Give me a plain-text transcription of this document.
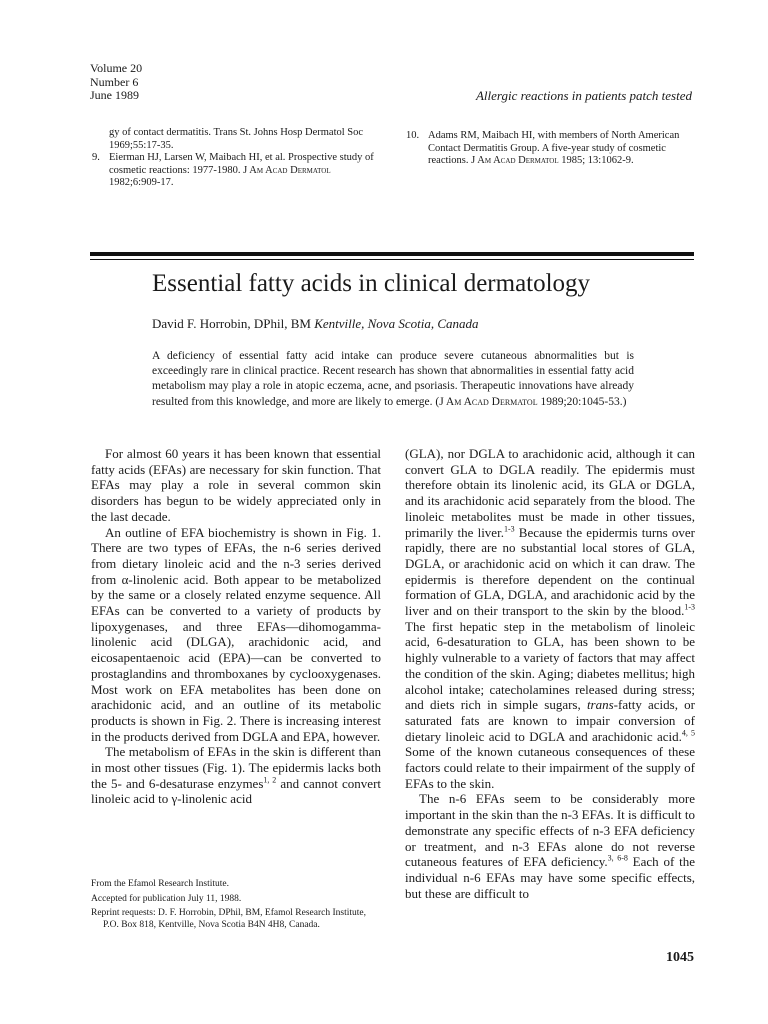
Volume 20
Number 6
June 1989	Allergic reactions in patients patch tested
gy of contact dermatitis. Trans St. Johns Hosp Dermatol Soc 1969;55:17-35.
9. Eierman HJ, Larsen W, Maibach HI, et al. Prospective study of cosmetic reactions: 1977-1980. J Am Acad Dermatol 1982;6:909-17.
10. Adams RM, Maibach HI, with members of North American Contact Dermatitis Group. A five-year study of cosmetic reactions. J Am Acad Dermatol 1985; 13:1062-9.
Essential fatty acids in clinical dermatology
David F. Horrobin, DPhil, BM Kentville, Nova Scotia, Canada
A deficiency of essential fatty acid intake can produce severe cutaneous abnormalities but is exceedingly rare in clinical practice. Recent research has shown that abnormalities in essential fatty acid metabolism may play a role in atopic eczema, acne, and psoriasis. Therapeutic innovations have already resulted from this knowledge, and more are likely to emerge. (J Am Acad Dermatol 1989;20:1045-53.)

For almost 60 years it has been known that essential fatty acids (EFAs) are necessary for skin function. That EFAs may play a role in several common skin disorders has begun to be widely appreciated only in the last decade.

An outline of EFA biochemistry is shown in Fig. 1. There are two types of EFAs, the n-6 series derived from dietary linoleic acid and the n-3 series derived from α-linolenic acid. Both appear to be metabolized by the same or a closely related enzyme sequence. All EFAs can be converted to a variety of products by lipoxygenases, and three EFAs—dihomogamma-linolenic acid (DLGA), arachidonic acid, and eicosapentaenoic acid (EPA)—can be converted to prostaglandins and thromboxanes by cyclooxygenases. Most work on EFA metabolites has been done on arachidonic acid, and an outline of its metabolic products is shown in Fig. 2. There is increasing interest in the products derived from DGLA and EPA, however.

The metabolism of EFAs in the skin is different than in most other tissues (Fig. 1). The epidermis lacks both the 5- and 6-desaturase enzymes$^{1, 2}$ and cannot convert linoleic acid to γ-linolenic acid

(GLA), nor DGLA to arachidonic acid, although it can convert GLA to DGLA readily. The epidermis must therefore obtain its linolenic acid, its GLA or DGLA, and its arachidonic acid separately from the blood. The linoleic metabolites must be made in other tissues, primarily the liver.$^{1-3}$ Because the epidermis turns over rapidly, there are no substantial local stores of GLA, DGLA, or arachidonic acid on which it can draw. The epidermis is therefore dependent on the continual formation of GLA, DGLA, and arachidonic acid by the liver and on their transport to the skin by the blood.$^{1-3}$ The first hepatic step in the metabolism of linoleic acid, 6-desaturation to GLA, has been shown to be highly vulnerable to a variety of factors that may affect the condition of the skin. Aging; diabetes mellitus; high alcohol intake; catecholamines released during stress; and diets rich in simple sugars, trans-fatty acids, or saturated fats are known to impair conversion of dietary linoleic acid to DGLA and arachidonic acid.$^{4, 5}$ Some of the known cutaneous consequences of these factors could relate to their impairment of the supply of EFAs to the skin.

The n-6 EFAs seem to be considerably more important in the skin than the n-3 EFAs. It is difficult to demonstrate any specific effects of n-3 EFA deficiency or treatment, and n-3 EFAs alone do not reverse cutaneous features of EFA deficiency.$^{3, 6-8}$ Each of the individual n-6 EFAs may have some specific effects, but these are difficult to

From the Efamol Research Institute.

Accepted for publication July 11, 1988.

Reprint requests: D. F. Horrobin, DPhil, BM, Efamol Research Institute, P.O. Box 818, Kentville, Nova Scotia B4N 4H8, Canada.

1045
